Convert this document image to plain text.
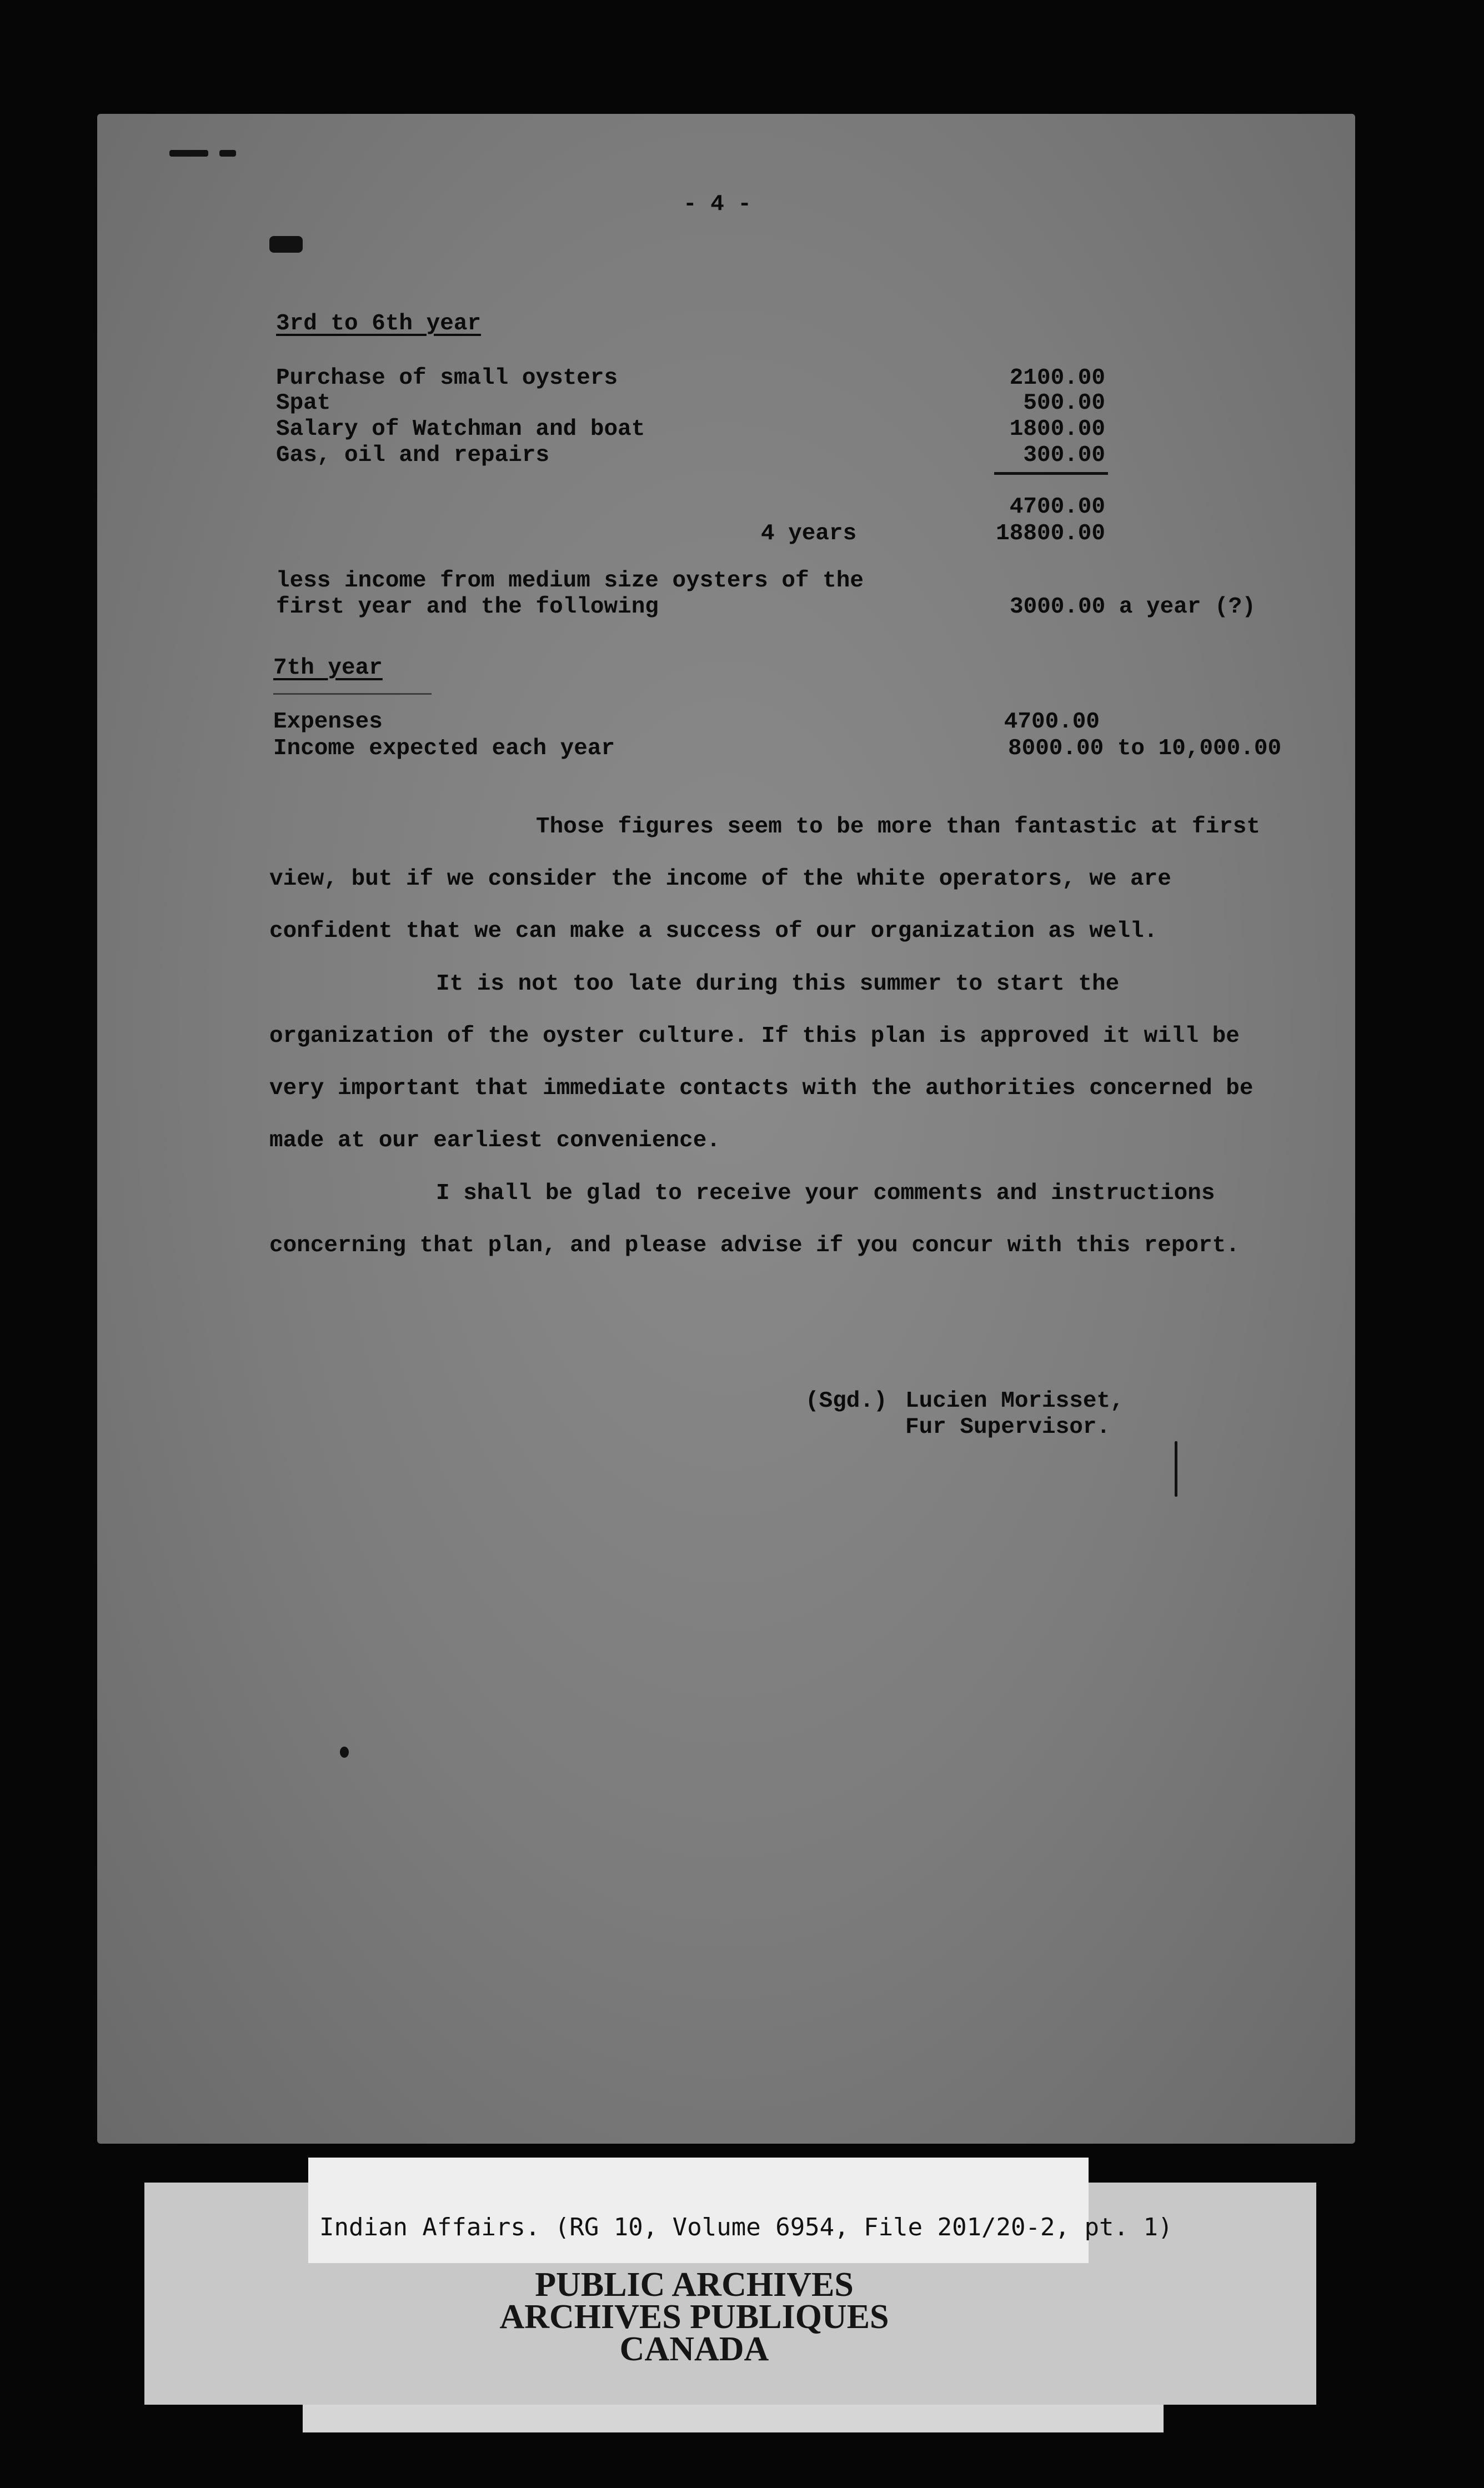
- 4 -
3rd to 6th year
Purchase of small oysters	2100.00
Spat	500.00
Salary of Watchman and boat	1800.00
Gas, oil and repairs	300.00
4700.00
4 years	18800.00
less income from medium size oysters of the
first year and the following	3000.00 a year (?)
7th year
Expenses	4700.00
Income expected each year	8000.00 to 10,000.00
Those figures seem to be more than fantastic at first view, but if we consider the income of the white operators, we are confident that we can make a success of our organization as well.
It is not too late during this summer to start the organization of the oyster culture. If this plan is approved it will be very important that immediate contacts with the authorities concerned be made at our earliest convenience.
I shall be glad to receive your comments and instructions concerning that plan, and please advise if you concur with this report.
(Sgd.) Lucien Morisset,
Fur Supervisor.
Indian Affairs. (RG 10, Volume 6954, File 201/20-2, pt. 1)
PUBLIC ARCHIVES
ARCHIVES PUBLIQUES
CANADA
